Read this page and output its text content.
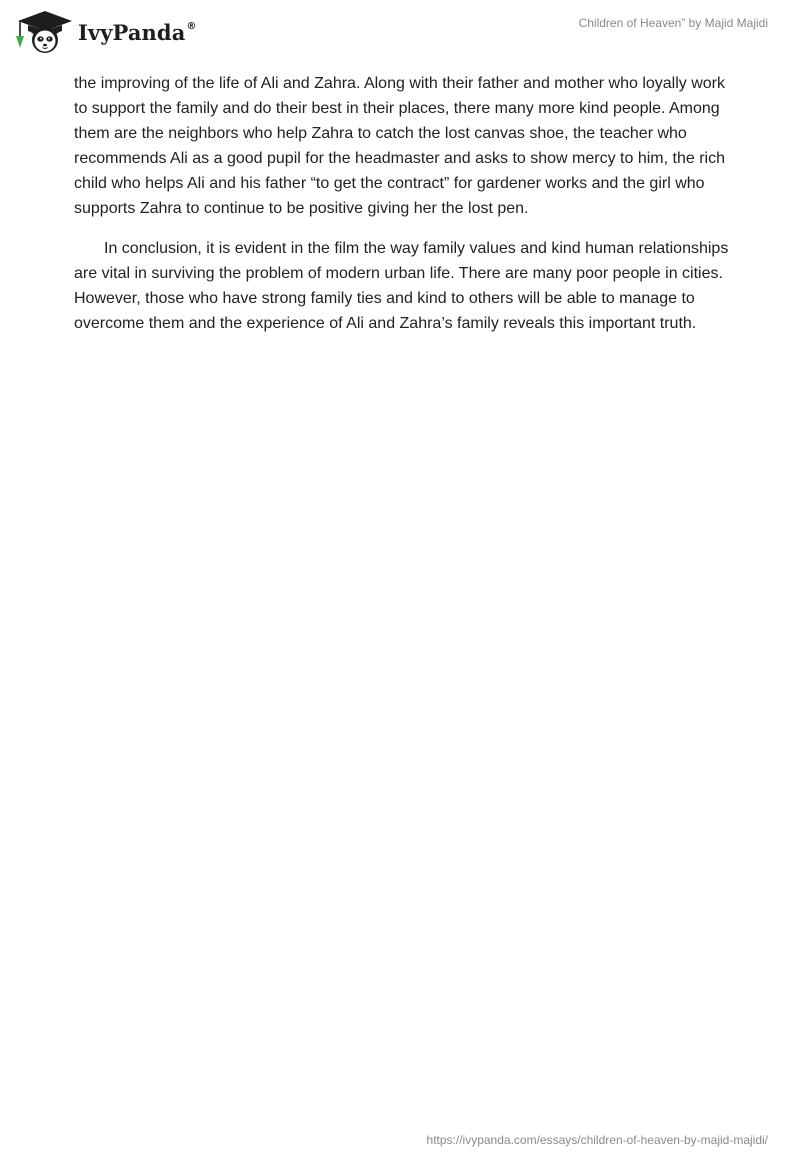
IvyPanda®	Children of Heaven” by Majid Majidi

the improving of the life of Ali and Zahra. Along with their father and mother who loyally work to support the family and do their best in their places, there many more kind people. Among them are the neighbors who help Zahra to catch the lost canvas shoe, the teacher who recommends Ali as a good pupil for the headmaster and asks to show mercy to him, the rich child who helps Ali and his father “to get the contract” for gardener works and the girl who supports Zahra to continue to be positive giving her the lost pen.

In conclusion, it is evident in the film the way family values and kind human relationships are vital in surviving the problem of modern urban life. There are many poor people in cities. However, those who have strong family ties and kind to others will be able to manage to overcome them and the experience of Ali and Zahra’s family reveals this important truth.

https://ivypanda.com/essays/children-of-heaven-by-majid-majidi/
